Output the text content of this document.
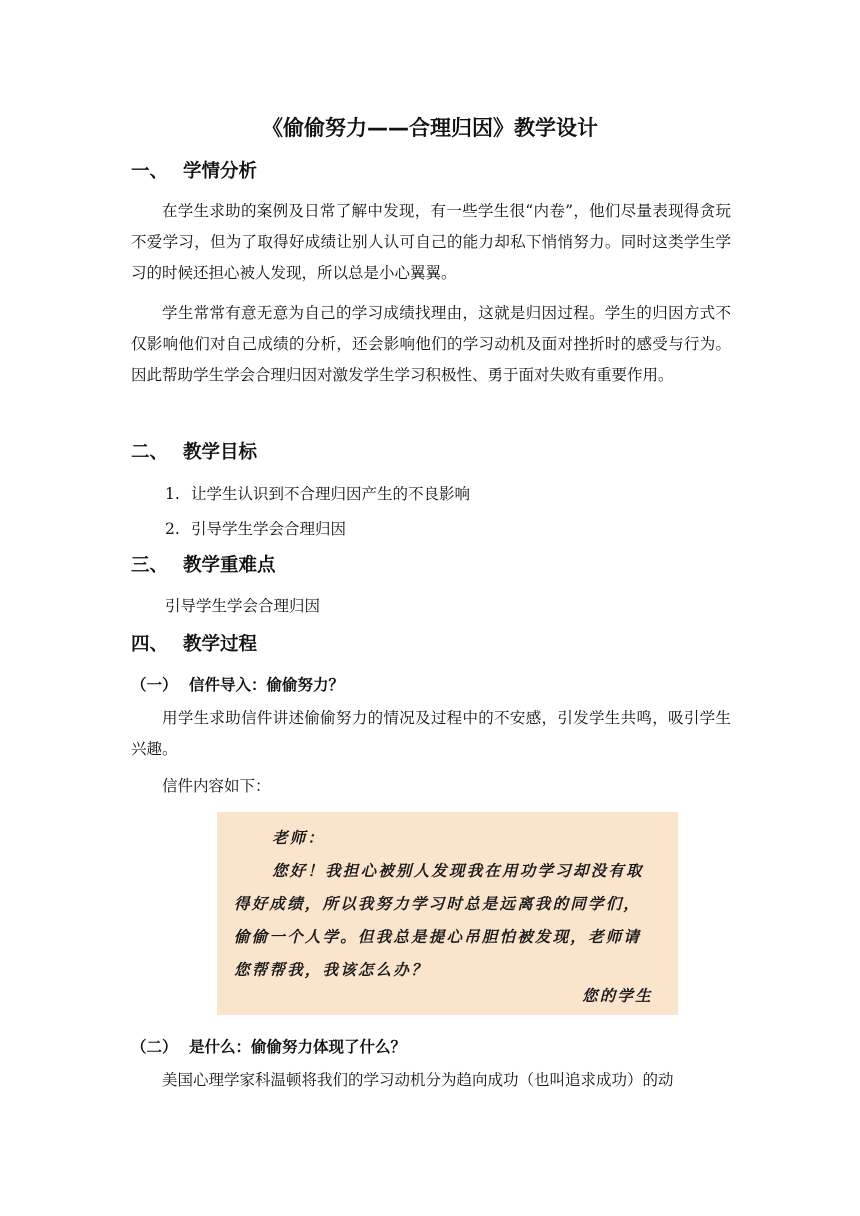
《偷偷努力——合理归因》教学设计
一、 学情分析

在学生求助的案例及日常了解中发现，有一些学生很“内卷”，他们尽量表现得贪玩不爱学习，但为了取得好成绩让别人认可自己的能力却私下悄悄努力。同时这类学生学习的时候还担心被人发现，所以总是小心翼翼。

学生常常有意无意为自己的学习成绩找理由，这就是归因过程。学生的归因方式不仅影响他们对自己成绩的分析，还会影响他们的学习动机及面对挫折时的感受与行为。因此帮助学生学会合理归因对激发学生学习积极性、勇于面对失败有重要作用。

二、 教学目标
1. 让学生认识到不合理归因产生的不良影响
2. 引导学生学会合理归因
三、 教学重难点
引导学生学会合理归因
四、 教学过程
（一） 信件导入：偷偷努力？

用学生求助信件讲述偷偷努力的情况及过程中的不安感，引发学生共鸣，吸引学生兴趣。

信件内容如下：

老师：
您好！我担心被别人发现我在用功学习却没有取
得好成绩，所以我努力学习时总是远离我的同学们，
偷偷一个人学。但我总是提心吊胆怕被发现，老师请
您帮帮我，我该怎么办？
您的学生
（二） 是什么：偷偷努力体现了什么？

美国心理学家科温顿将我们的学习动机分为趋向成功（也叫追求成功）的动
